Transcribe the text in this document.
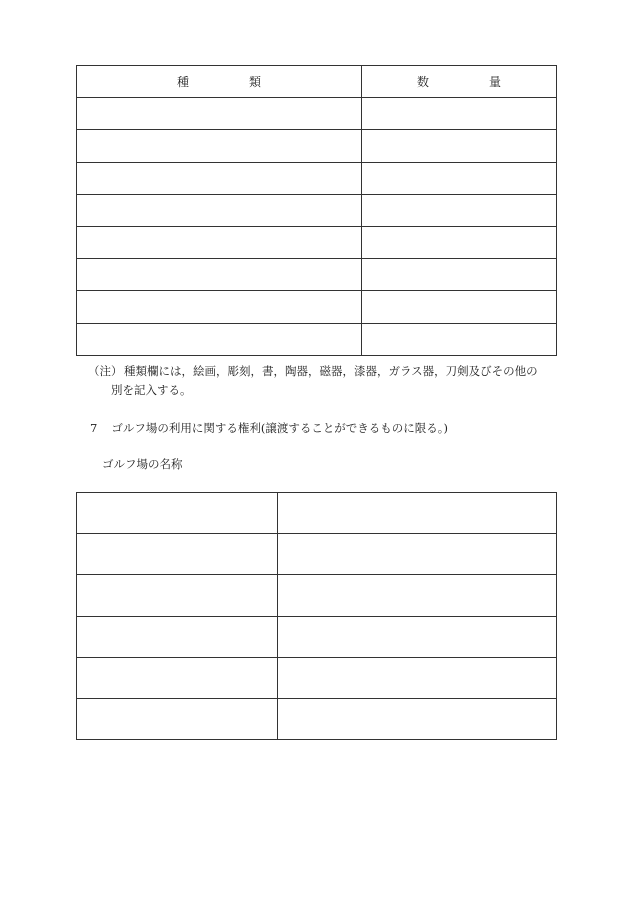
種 類	数 量

（注） 種類欄には，絵画，彫刻，書，陶器，磁器，漆器，ガラス器，刀剣及びその他の
別を記入する。
7 ゴルフ場の利用に関する権利(譲渡することができるものに限る。)
ゴルフ場の名称
